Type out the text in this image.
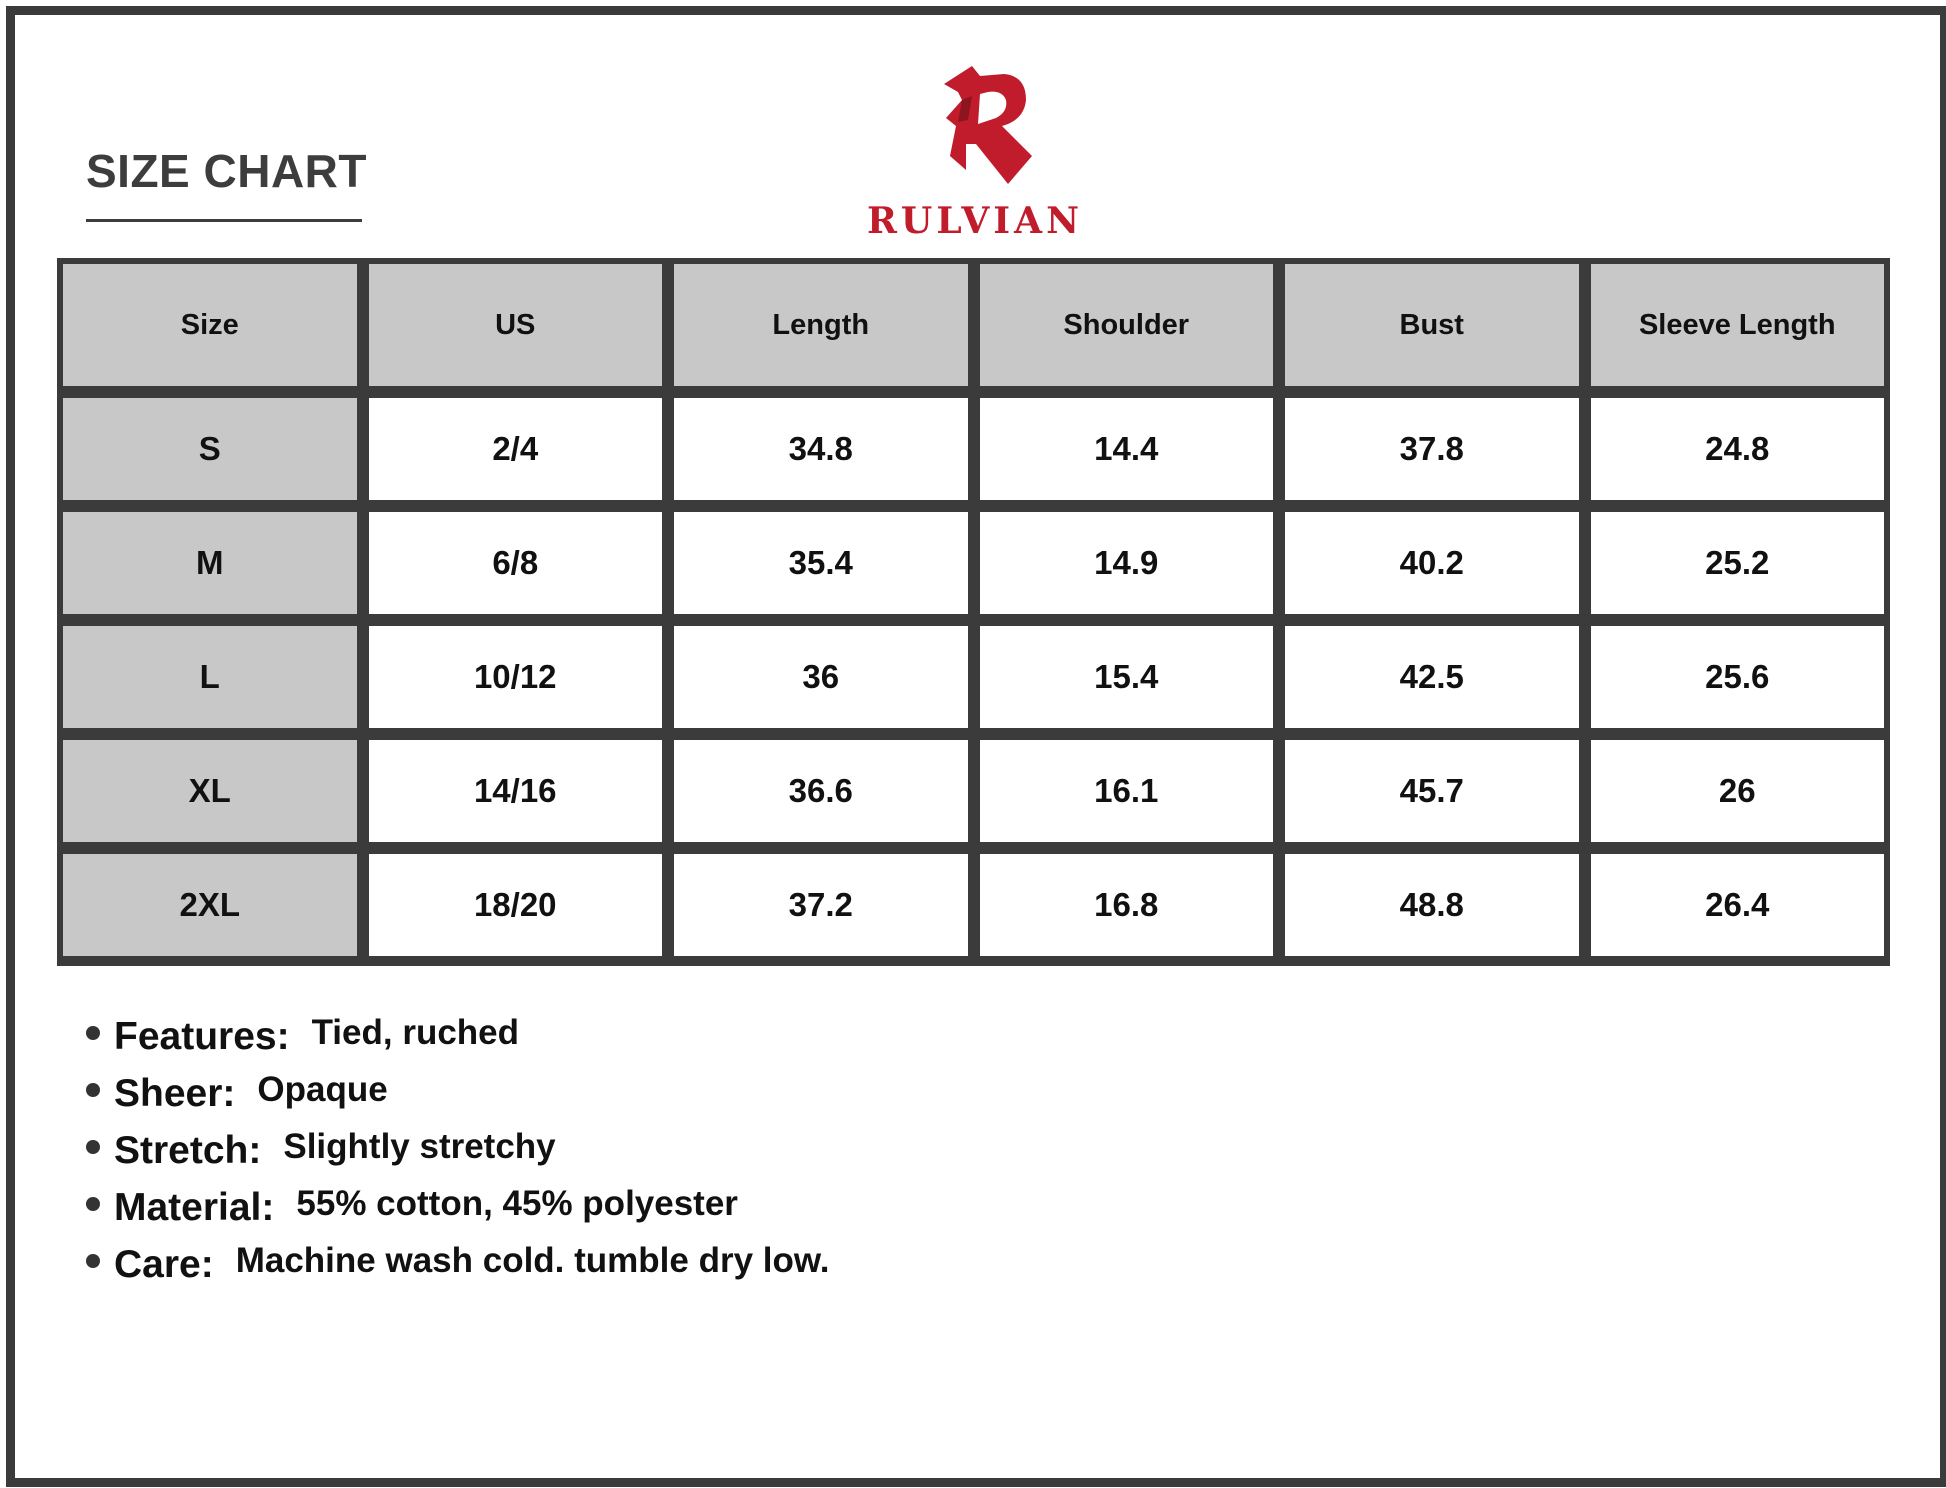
SIZE CHART
RULVIAN
Size	US	Length	Shoulder	Bust	Sleeve Length
S	2/4	34.8	14.4	37.8	24.8
M	6/8	35.4	14.9	40.2	25.2
L	10/12	36	15.4	42.5	25.6
XL	14/16	36.6	16.1	45.7	26
2XL	18/20	37.2	16.8	48.8	26.4
Features: Tied, ruched
Sheer: Opaque
Stretch: Slightly stretchy
Material: 55% cotton, 45% polyester
Care: Machine wash cold. tumble dry low.
